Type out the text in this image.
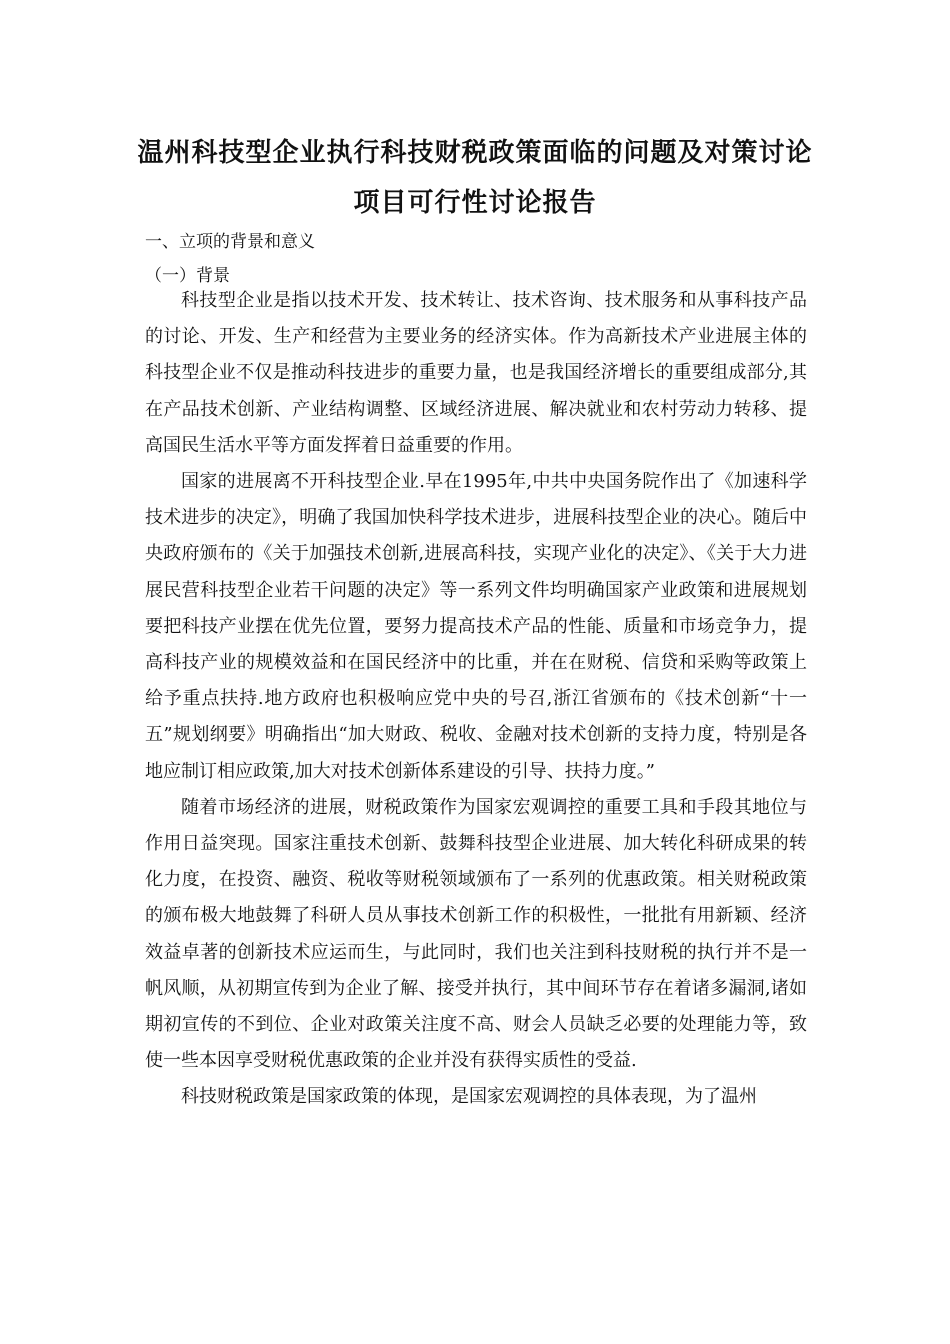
温州科技型企业执行科技财税政策面临的问题及对策讨论
项目可行性讨论报告
一、立项的背景和意义
（一）背景

科技型企业是指以技术开发、技术转让、技术咨询、技术服务和从事科技产品的讨论、开发、生产和经营为主要业务的经济实体。作为高新技术产业进展主体的科技型企业不仅是推动科技进步的重要力量，也是我国经济增长的重要组成部分,其在产品技术创新、产业结构调整、区域经济进展、解决就业和农村劳动力转移、提高国民生活水平等方面发挥着日益重要的作用。

国家的进展离不开科技型企业.早在1995年,中共中央国务院作出了《加速科学技术进步的决定》，明确了我国加快科学技术进步，进展科技型企业的决心。随后中央政府颁布的《关于加强技术创新,进展高科技，实现产业化的决定》、《关于大力进展民营科技型企业若干问题的决定》等一系列文件均明确国家产业政策和进展规划要把科技产业摆在优先位置，要努力提高技术产品的性能、质量和市场竞争力，提高科技产业的规模效益和在国民经济中的比重，并在在财税、信贷和采购等政策上给予重点扶持.地方政府也积极响应党中央的号召,浙江省颁布的《技术创新“十一五”规划纲要》明确指出“加大财政、税收、金融对技术创新的支持力度，特别是各地应制订相应政策,加大对技术创新体系建设的引导、扶持力度。”

随着市场经济的进展，财税政策作为国家宏观调控的重要工具和手段其地位与作用日益突现。国家注重技术创新、鼓舞科技型企业进展、加大转化科研成果的转化力度，在投资、融资、税收等财税领域颁布了一系列的优惠政策。相关财税政策的颁布极大地鼓舞了科研人员从事技术创新工作的积极性，一批批有用新颖、经济效益卓著的创新技术应运而生，与此同时，我们也关注到科技财税的执行并不是一帆风顺，从初期宣传到为企业了解、接受并执行，其中间环节存在着诸多漏洞,诸如期初宣传的不到位、企业对政策关注度不高、财会人员缺乏必要的处理能力等，致使一些本因享受财税优惠政策的企业并没有获得实质性的受益.

科技财税政策是国家政策的体现，是国家宏观调控的具体表现，为了温州
